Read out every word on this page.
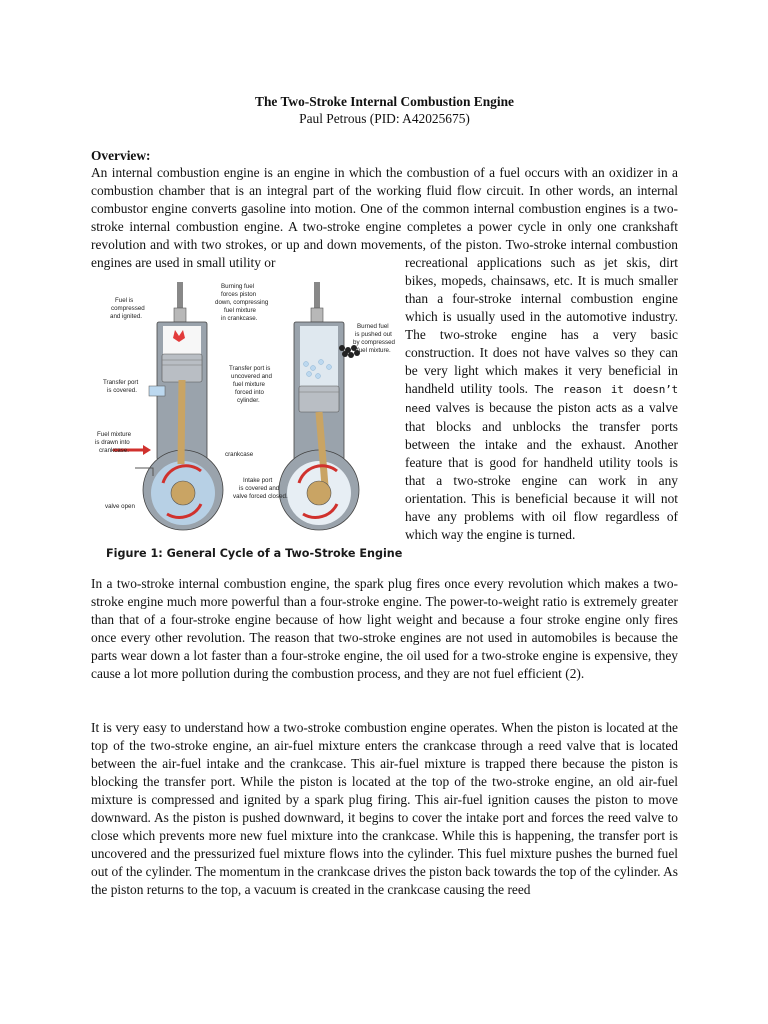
The Two-Stroke Internal Combustion Engine
Paul Petrous (PID: A42025675)
Overview:
An internal combustion engine is an engine in which the combustion of a fuel occurs with an oxidizer in a combustion chamber that is an integral part of the working fluid flow circuit. In other words, an internal combustor engine converts gasoline into motion. One of the common internal combustion engines is a two-stroke internal combustion engine. A two-stroke engine completes a power cycle in only one crankshaft revolution and with two strokes, or up and down movements, of the piston. Two-stroke internal combustion engines are used in small utility or	recreational applications such as jet skis, dirt bikes, mopeds, chainsaws, etc. It is much smaller than a four-stroke internal combustion engine which is usually used in the automotive industry. The two-stroke engine has a very basic construction. It does not have valves so they can be very light which makes it very beneficial in handheld utility tools. The reason it doesn’t need valves is because the piston acts as a valve that blocks and unblocks the transfer ports between the intake and the exhaust. Another feature that is good for handheld utility tools is that a two-stroke engine can work in any orientation. This is beneficial because it will not have any problems with oil flow regardless of which way the engine is turned.
Fuel is
compressed
and ignited.
Burning fuel
forces piston
down, compressing
fuel mixture
in crankcase.
Burned fuel
is pushed out
by compressed
fuel mixture.
Transfer port
is covered.
Transfer port is
uncovered and
fuel mixture
forced into
cylinder.
Fuel mixture
is drawn into
crankcase.
crankcase
Intake port
is covered and
valve forced closed.
valve open
Figure 1: General Cycle of a Two-Stroke Engine
In a two-stroke internal combustion engine, the spark plug fires once every revolution which makes a two-stroke engine much more powerful than a four-stroke engine. The power-to-weight ratio is extremely greater than that of a four-stroke engine because of how light weight and because a four stroke engine only fires once every other revolution. The reason that two-stroke engines are not used in automobiles is because the parts wear down a lot faster than a four-stroke engine, the oil used for a two-stroke engine is expensive, they cause a lot more pollution during the combustion process, and they are not fuel efficient (2).
It is very easy to understand how a two-stroke combustion engine operates. When the piston is located at the top of the two-stroke engine, an air-fuel mixture enters the crankcase through a reed valve that is located between the air-fuel intake and the crankcase. This air-fuel mixture is trapped there because the piston is blocking the transfer port. While the piston is located at the top of the two-stroke engine, an old air-fuel mixture is compressed and ignited by a spark plug firing. This air-fuel ignition causes the piston to move downward. As the piston is pushed downward, it begins to cover the intake port and forces the reed valve to close which prevents more new fuel mixture into the crankcase. While this is happening, the transfer port is uncovered and the pressurized fuel mixture flows into the cylinder. This fuel mixture pushes the burned fuel out of the cylinder. The momentum in the crankcase drives the piston back towards the top of the cylinder. As the piston returns to the top, a vacuum is created in the crankcase causing the reed
